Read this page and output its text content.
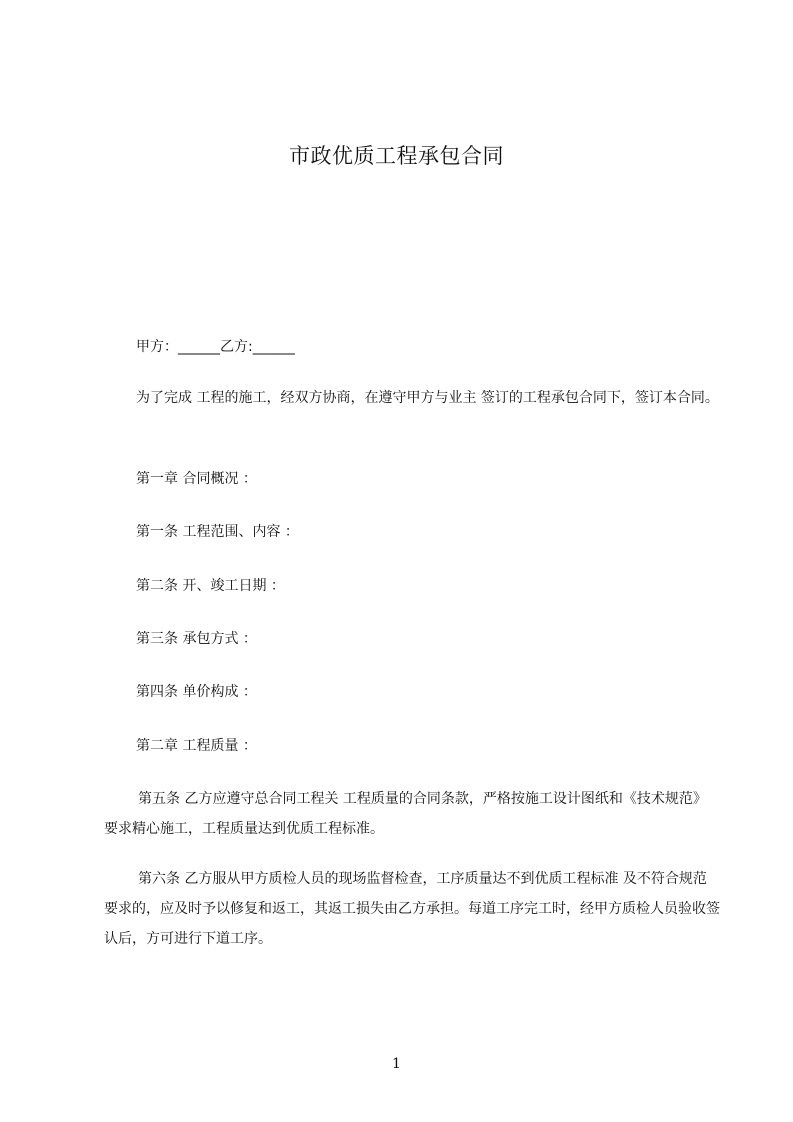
市政优质工程承包合同
甲方：______乙方:______
为了完成 工程的施工，经双方协商，在遵守甲方与业主 签订的工程承包合同下，签订本合同。
第一章 合同概况 ：
第一条 工程范围、内容 ：
第二条 开、竣工日期 ：
第三条 承包方式 ：
第四条 单价构成 ：
第二章 工程质量 ：
第五条 乙方应遵守总合同工程关 工程质量的合同条款，严格按施工设计图纸和《技术规范》要求精心施工，工程质量达到优质工程标准。
第六条 乙方服从甲方质检人员的现场监督检查，工序质量达不到优质工程标准 及不符合规范要求的，应及时予以修复和返工，其返工损失由乙方承担。每道工序完工时，经甲方质检人员验收签认后，方可进行下道工序。
1
